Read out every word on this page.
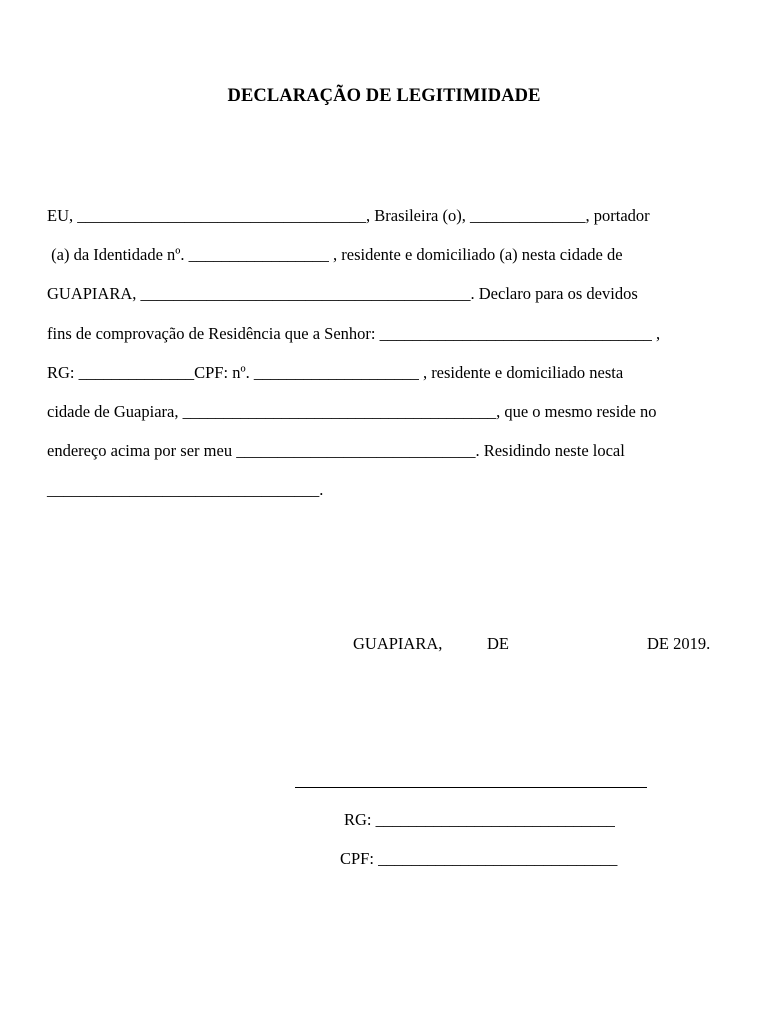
DECLARAÇÃO DE LEGITIMIDADE
EU, ___________________________________, Brasileira (o), ______________, portador
(a) da Identidade nº. _________________ , residente e domiciliado (a) nesta cidade de
GUAPIARA, ________________________________________. Declaro para os devidos
fins de comprovação de Residência que a Senhor: _________________________________ ,
RG: ______________CPF: nº. ____________________ , residente e domiciliado nesta
cidade de Guapiara, ______________________________________, que o mesmo reside no
endereço acima por ser meu _____________________________. Residindo neste local
_________________________________.
GUAPIARA,	DE	DE 2019.
RG: _____________________________
CPF: _____________________________
